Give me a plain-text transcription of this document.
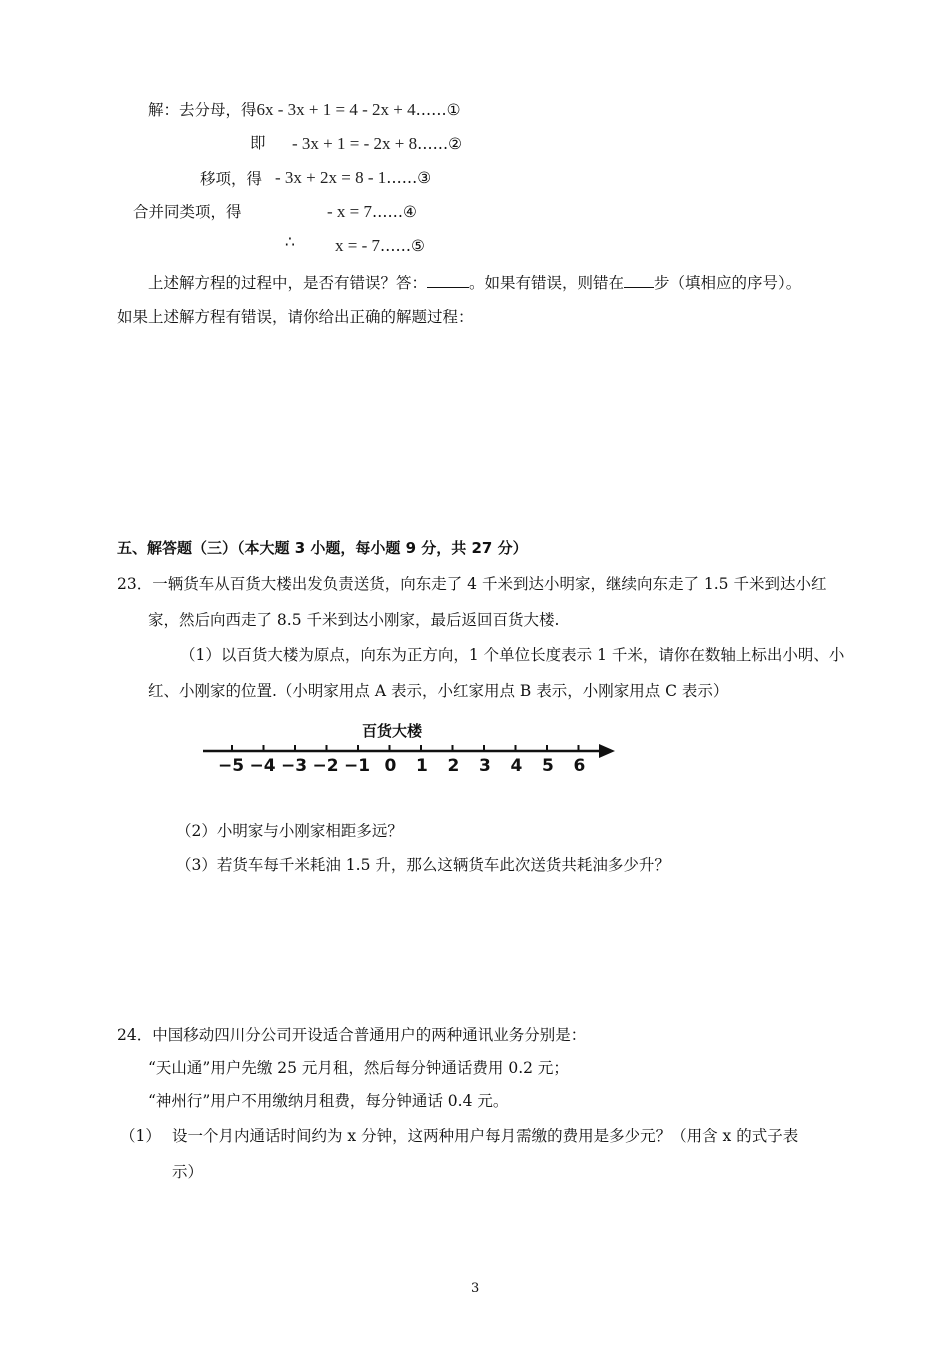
解：去分母，得6x - 3x + 1 = 4 - 2x + 4……①
即 - 3x + 1 = - 2x + 8……②
移项，得 - 3x + 2x = 8 - 1……③
合并同类项，得	- x = 7……④
∴ x = - 7……⑤
上述解方程的过程中，是否有错误？答：	。如果有错误，则错在 步（填相应的序号）。
如果上述解方程有错误，请你给出正确的解题过程：
五、解答题（三）（本大题 3 小题，每小题 9 分，共 27 分）
23．一辆货车从百货大楼出发负责送货，向东走了 4 千米到达小明家，继续向东走了 1.5 千米到达小红
家，然后向西走了 8.5 千米到达小刚家，最后返回百货大楼.
（1）以百货大楼为原点，向东为正方向，1 个单位长度表示 1 千米，请你在数轴上标出小明、小
红、小刚家的位置.（小明家用点 A 表示，小红家用点 B 表示，小刚家用点 C 表示）
百货大楼
−5 −4 −3 −2 −1 0 1 2 3 4 5 6
（2）小明家与小刚家相距多远？
（3）若货车每千米耗油 1.5 升，那么这辆货车此次送货共耗油多少升？
24．中国移动四川分公司开设适合普通用户的两种通讯业务分别是：
“天山通”用户先缴 25 元月租，然后每分钟通话费用 0.2 元；
“神州行”用户不用缴纳月租费，每分钟通话 0.4 元。
（1） 设一个月内通话时间约为 x 分钟，这两种用户每月需缴的费用是多少元？（用含 x 的式子表
示）
3
